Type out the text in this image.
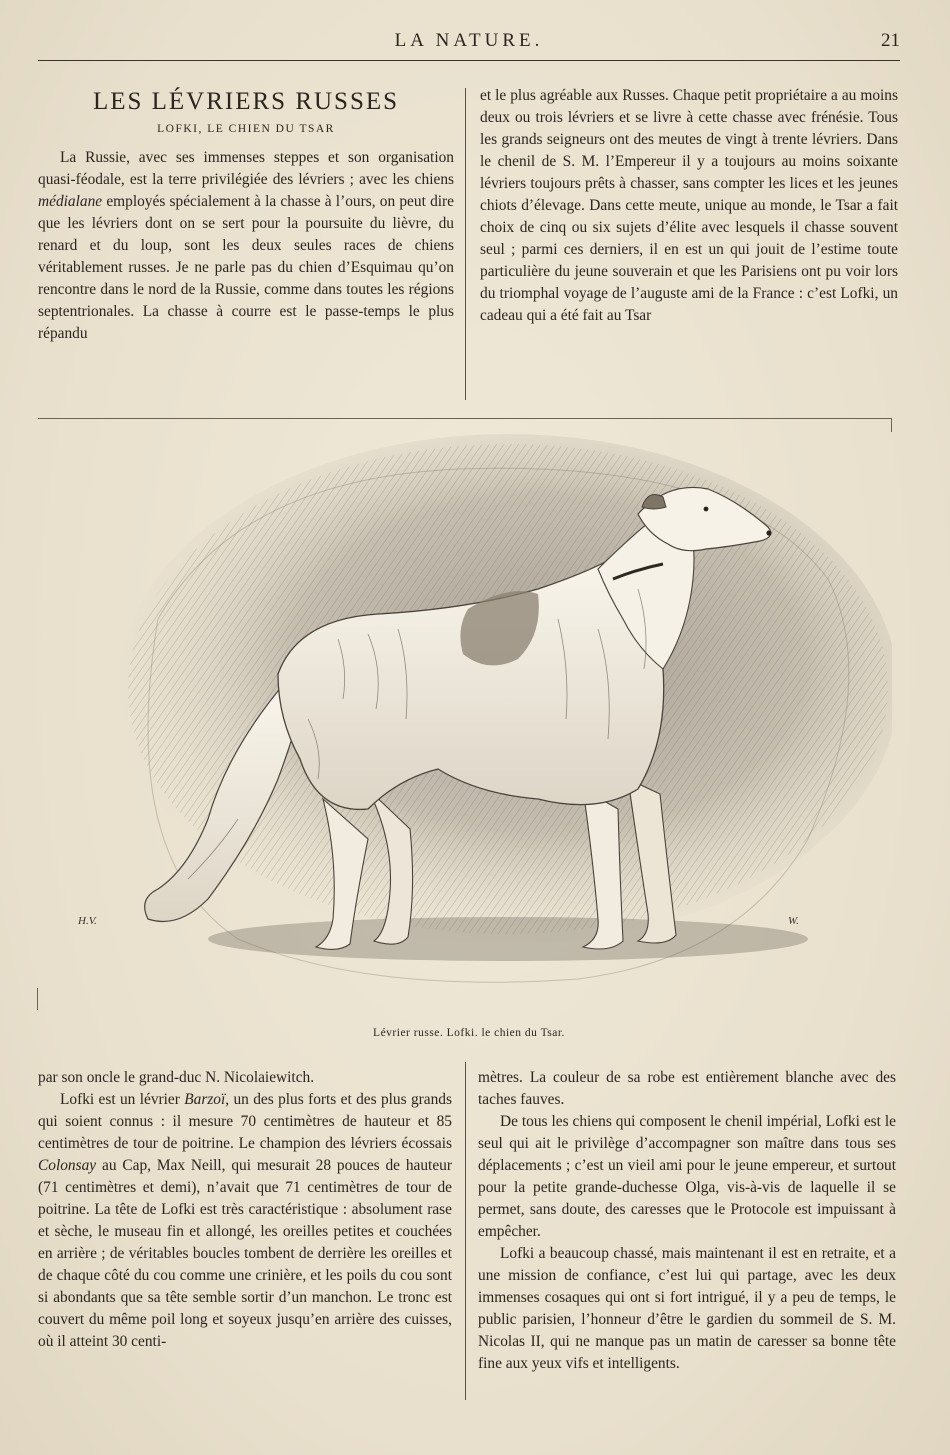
LA NATURE.	21
LES LÉVRIERS RUSSES
LOFKI, LE CHIEN DU TSAR

La Russie, avec ses immenses steppes et son organisation quasi-féodale, est la terre privilégiée des lévriers ; avec les chiens médialane employés spécialement à la chasse à l’ours, on peut dire que les lévriers dont on se sert pour la poursuite du lièvre, du renard et du loup, sont les deux seules races de chiens véritablement russes. Je ne parle pas du chien d’Esquimau qu’on rencontre dans le nord de la Russie, comme dans toutes les régions septentrionales. La chasse à courre est le passe-temps le plus répandu

et le plus agréable aux Russes. Chaque petit propriétaire a au moins deux ou trois lévriers et se livre à cette chasse avec frénésie. Tous les grands seigneurs ont des meutes de vingt à trente lévriers. Dans le chenil de S. M. l’Empereur il y a toujours au moins soixante lévriers toujours prêts à chasser, sans compter les lices et les jeunes chiots d’élevage. Dans cette meute, unique au monde, le Tsar a fait choix de cinq ou six sujets d’élite avec lesquels il chasse souvent seul ; parmi ces derniers, il en est un qui jouit de l’estime toute particulière du jeune souverain et que les Parisiens ont pu voir lors du triomphal voyage de l’auguste ami de la France : c’est Lofki, un cadeau qui a été fait au Tsar

H.V.	W.
Lévrier russe. Lofki. le chien du Tsar.

par son oncle le grand-duc N. Nicolaiewitch.

Lofki est un lévrier Barzoï, un des plus forts et des plus grands qui soient connus : il mesure 70 centimètres de hauteur et 85 centimètres de tour de poitrine. Le champion des lévriers écossais Colonsay au Cap, Max Neill, qui mesurait 28 pouces de hauteur (71 centimètres et demi), n’avait que 71 centimètres de tour de poitrine. La tête de Lofki est très caractéristique : absolument rase et sèche, le museau fin et allongé, les oreilles petites et couchées en arrière ; de véritables boucles tombent de derrière les oreilles et de chaque côté du cou comme une crinière, et les poils du cou sont si abondants que sa tête semble sortir d’un manchon. Le tronc est couvert du même poil long et soyeux jusqu’en arrière des cuisses, où il atteint 30 centi-

mètres. La couleur de sa robe est entièrement blanche avec des taches fauves.

De tous les chiens qui composent le chenil impérial, Lofki est le seul qui ait le privilège d’accompagner son maître dans tous ses déplacements ; c’est un vieil ami pour le jeune empereur, et surtout pour la petite grande-duchesse Olga, vis-à-vis de laquelle il se permet, sans doute, des caresses que le Protocole est impuissant à empêcher.

Lofki a beaucoup chassé, mais maintenant il est en retraite, et a une mission de confiance, c’est lui qui partage, avec les deux immenses cosaques qui ont si fort intrigué, il y a peu de temps, le public parisien, l’honneur d’être le gardien du sommeil de S. M. Nicolas II, qui ne manque pas un matin de caresser sa bonne tête fine aux yeux vifs et intelligents.
